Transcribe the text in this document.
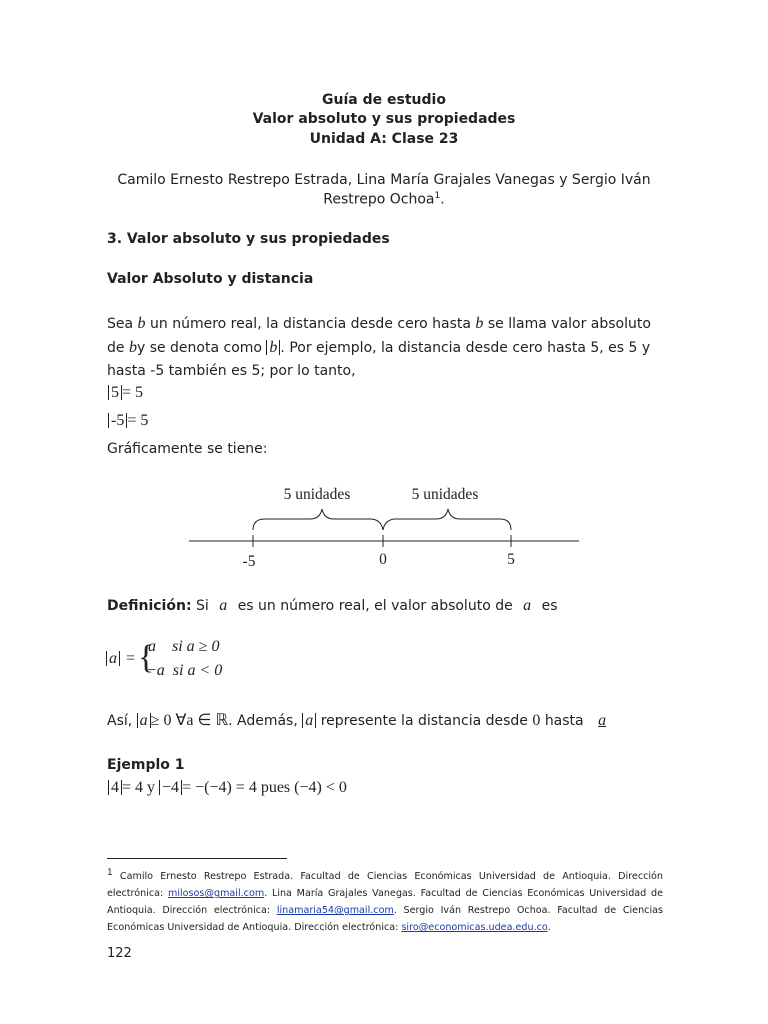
Guía de estudio
Valor absoluto y sus propiedades
Unidad A: Clase 23
Camilo Ernesto Restrepo Estrada, Lina María Grajales Vanegas y Sergio Iván
Restrepo Ochoa$^1$.
3. Valor absoluto y sus propiedades
Valor Absoluto y distancia
Sea b un número real, la distancia desde cero hasta b se llama valor absoluto
de by se denota como b . Por ejemplo, la distancia desde cero hasta 5, es 5 y
hasta -5 también es 5; por lo tanto,
5 = 5
-5 = 5
Gráficamente se tiene:
5 unidades	5 unidades
-5	0	5
Definición: Si a es un número real, el valor absoluto de a es
a = {
a    si a ≥ 0
−a  si a < 0
Así, a ≥ 0 ∀a ∈ ℝ. Además, a represente la distancia desde 0 hasta a
Ejemplo 1
4 = 4 y −4 = −(−4) = 4 pues (−4) < 0
$^1$ Camilo Ernesto Restrepo Estrada. Facultad de Ciencias Económicas Universidad de Antioquia. Dirección electrónica: milosos@gmail.com. Lina María Grajales Vanegas. Facultad de Ciencias Económicas Universidad de Antioquia. Dirección electrónica: linamaria54@gmail.com. Sergio Iván Restrepo Ochoa. Facultad de Ciencias Económicas Universidad de Antioquia. Dirección electrónica: siro@economicas.udea.edu.co.
122
